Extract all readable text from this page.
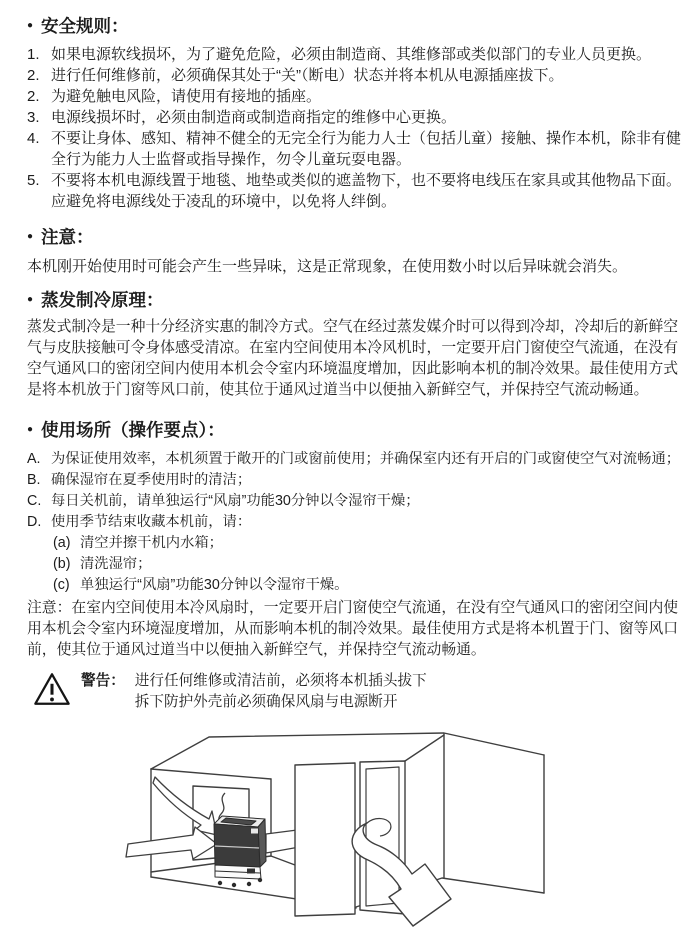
● 安全规则：
1. 如果电源软线损坏，为了避免危险，必须由制造商、其维修部或类似部门的专业人员更换。
2. 进行任何维修前，必须确保其处于“关”（断电）状态并将本机从电源插座拔下。
2. 为避免触电风险，请使用有接地的插座。
3. 电源线损坏时，必须由制造商或制造商指定的维修中心更换。
4. 不要让身体、感知、精神不健全的无完全行为能力人士（包括儿童）接触、操作本机，除非有健全行为能力人士监督或指导操作，勿令儿童玩耍电器。
5. 不要将本机电源线置于地毯、地垫或类似的遮盖物下，也不要将电线压在家具或其他物品下面。应避免将电源线处于凌乱的环境中，以免将人绊倒。
● 注意：

本机刚开始使用时可能会产生一些异味，这是正常现象，在使用数小时以后异味就会消失。

● 蒸发制冷原理：

蒸发式制冷是一种十分经济实惠的制冷方式。空气在经过蒸发媒介时可以得到冷却，冷却后的新鲜空气与皮肤接触可令身体感受清凉。在室内空间使用本冷风机时，一定要开启门窗使空气流通，在没有空气通风口的密闭空间内使用本机会令室内环境温度增加，因此影响本机的制冷效果。最佳使用方式是将本机放于门窗等风口前，使其位于通风过道当中以便抽入新鲜空气，并保持空气流动畅通。

● 使用场所（操作要点）：
A. 为保证使用效率，本机须置于敞开的门或窗前使用；并确保室内还有开启的门或窗使空气对流畅通；
B. 确保湿帘在夏季使用时的清洁；
C. 每日关机前，请单独运行“风扇”功能30分钟以令湿帘干燥；
D. 使用季节结束收藏本机前，请：
(a) 清空并擦干机内水箱；
(b) 清洗湿帘；
(c) 单独运行“风扇”功能30分钟以令湿帘干燥。

注意：在室内空间使用本冷风扇时，一定要开启门窗使空气流通，在没有空气通风口的密闭空间内使用本机会令室内环境湿度增加，从而影响本机的制冷效果。最佳使用方式是将本机置于门、窗等风口前，使其位于通风过道当中以便抽入新鲜空气，并保持空气流动畅通。

警告： 进行任何维修或清洁前，必须将本机插头拔下
拆下防护外壳前必须确保风扇与电源断开
